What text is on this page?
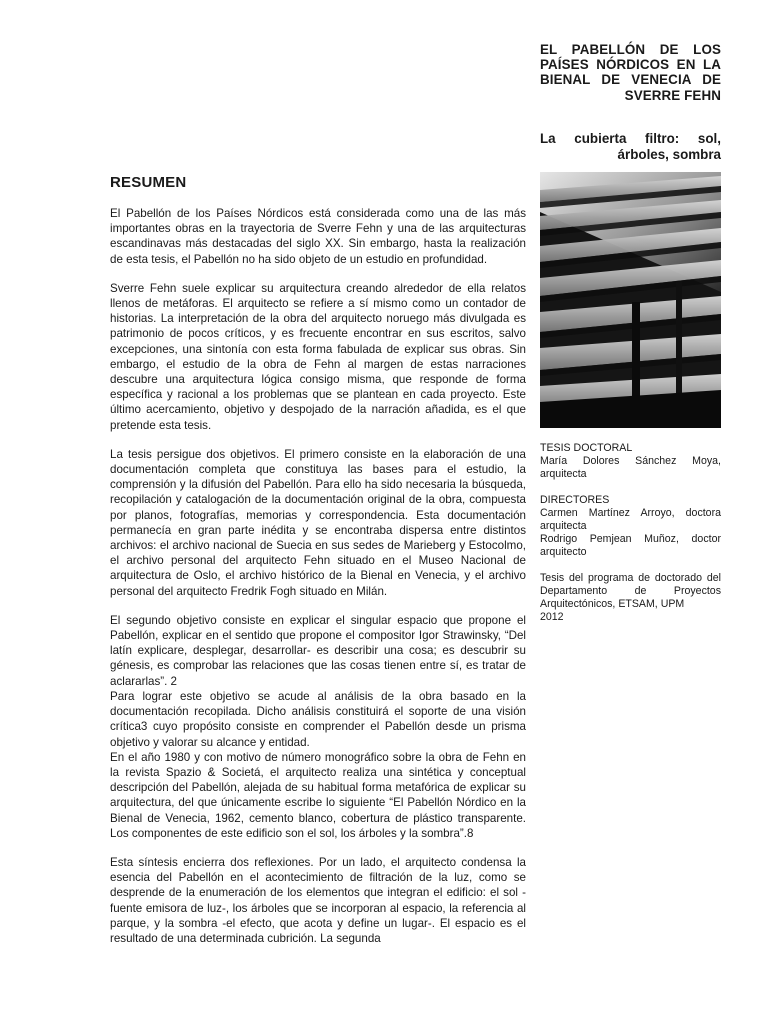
RESUMEN

El Pabellón de los Países Nórdicos está considerada como una de las más importantes obras en la trayectoria de Sverre Fehn y una de las arquitecturas escandinavas más destacadas del siglo XX. Sin embargo, hasta la realización de esta tesis, el Pabellón no ha sido objeto de un estudio en profundidad.

Sverre Fehn suele explicar su arquitectura creando alrededor de ella relatos llenos de metáforas. El arquitecto se refiere a sí mismo como un contador de historias. La interpretación de la obra del arquitecto noruego más divulgada es patrimonio de pocos críticos, y es frecuente encontrar en sus escritos, salvo excepciones, una sintonía con esta forma fabulada de explicar sus obras. Sin embargo, el estudio de la obra de Fehn al margen de estas narraciones descubre una arquitectura lógica consigo misma, que responde de forma específica y racional a los problemas que se plantean en cada proyecto. Este último acercamiento, objetivo y despojado de la narración añadida, es el que pretende esta tesis.

La tesis persigue dos objetivos. El primero consiste en la elaboración de una documentación completa que constituya las bases para el estudio, la comprensión y la difusión del Pabellón. Para ello ha sido necesaria la búsqueda, recopilación y catalogación de la documentación original de la obra, compuesta por planos, fotografías, memorias y correspondencia. Esta documentación permanecía en gran parte inédita y se encontraba dispersa entre distintos archivos: el archivo nacional de Suecia en sus sedes de Marieberg y Estocolmo, el archivo personal del arquitecto Fehn situado en el Museo Nacional de arquitectura de Oslo, el archivo histórico de la Bienal en Venecia, y el archivo personal del arquitecto Fredrik Fogh situado en Milán.

El segundo objetivo consiste en explicar el singular espacio que propone el Pabellón, explicar en el sentido que propone el compositor Igor Strawinsky, “Del latín explicare, desplegar, desarrollar- es describir una cosa; es descubrir su génesis, es comprobar las relaciones que las cosas tienen entre sí, es tratar de aclararlas”. 2

Para lograr este objetivo se acude al análisis de la obra basado en la documentación recopilada. Dicho análisis constituirá el soporte de una visión crítica3 cuyo propósito consiste en comprender el Pabellón desde un prisma objetivo y valorar su alcance y entidad.

En el año 1980 y con motivo de número monográfico sobre la obra de Fehn en la revista Spazio & Societá, el arquitecto realiza una sintética y conceptual descripción del Pabellón, alejada de su habitual forma metafórica de explicar su arquitectura, del que únicamente escribe lo siguiente “El Pabellón Nórdico en la Bienal de Venecia, 1962, cemento blanco, cobertura de plástico transparente. Los componentes de este edificio son el sol, los árboles y la sombra”.8

Esta síntesis encierra dos reflexiones. Por un lado, el arquitecto condensa la esencia del Pabellón en el acontecimiento de filtración de la luz, como se desprende de la enumeración de los elementos que integran el edificio: el sol -fuente emisora de luz-, los árboles que se incorporan al espacio, la referencia al parque, y la sombra -el efecto, que acota y define un lugar-. El espacio es el resultado de una determinada cubrición. La segunda

EL PABELLÓN DE LOS PAÍSES NÓRDICOS EN LA BIENAL DE VENECIA DE SVERRE FEHN
La cubierta filtro: sol, árboles, sombra
TESIS DOCTORAL
María Dolores Sánchez Moya, arquitecta
DIRECTORES
Carmen Martínez Arroyo, doctora arquitecta
Rodrigo Pemjean Muñoz, doctor arquitecto
Tesis del programa de doctorado del Departamento de Proyectos Arquitectónicos, ETSAM, UPM
2012
